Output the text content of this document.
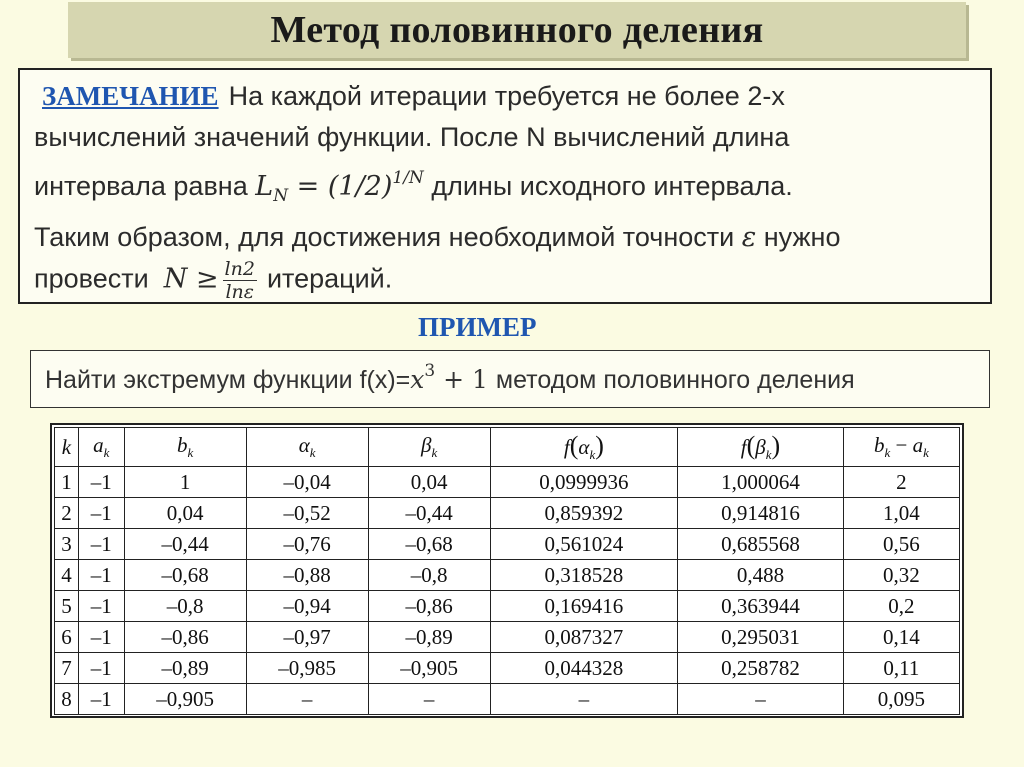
Метод половинного деления
ЗАМЕЧАНИЕ На каждой итерации требуется не более 2-х
вычислений значений функции. После N вычислений длина
интервала равна $L_N = (1/2)^{1/N}$ длины исходного интервала.
Таким образом, для достижения необходимой точности ε нужно
провести $N \ge \frac{\ln 2}{\ln\varepsilon}$ итераций.
ПРИМЕР
Найти экстремум функции $f(x)=x^3 + 1$ методом половинного деления
k	$a_k$	$b_k$	$\alpha_k$	$\beta_k$	$f(\alpha_k)$	$f(\beta_k)$	$b_k - a_k$
1	–1	1	–0,04	0,04	0,0999936	1,000064	2
2	–1	0,04	–0,52	–0,44	0,859392	0,914816	1,04
3	–1	–0,44	–0,76	–0,68	0,561024	0,685568	0,56
4	–1	–0,68	–0,88	–0,8	0,318528	0,488	0,32
5	–1	–0,8	–0,94	–0,86	0,169416	0,363944	0,2
6	–1	–0,86	–0,97	–0,89	0,087327	0,295031	0,14
7	–1	–0,89	–0,985	–0,905	0,044328	0,258782	0,11
8	–1	–0,905	–	–	–	–	0,095
